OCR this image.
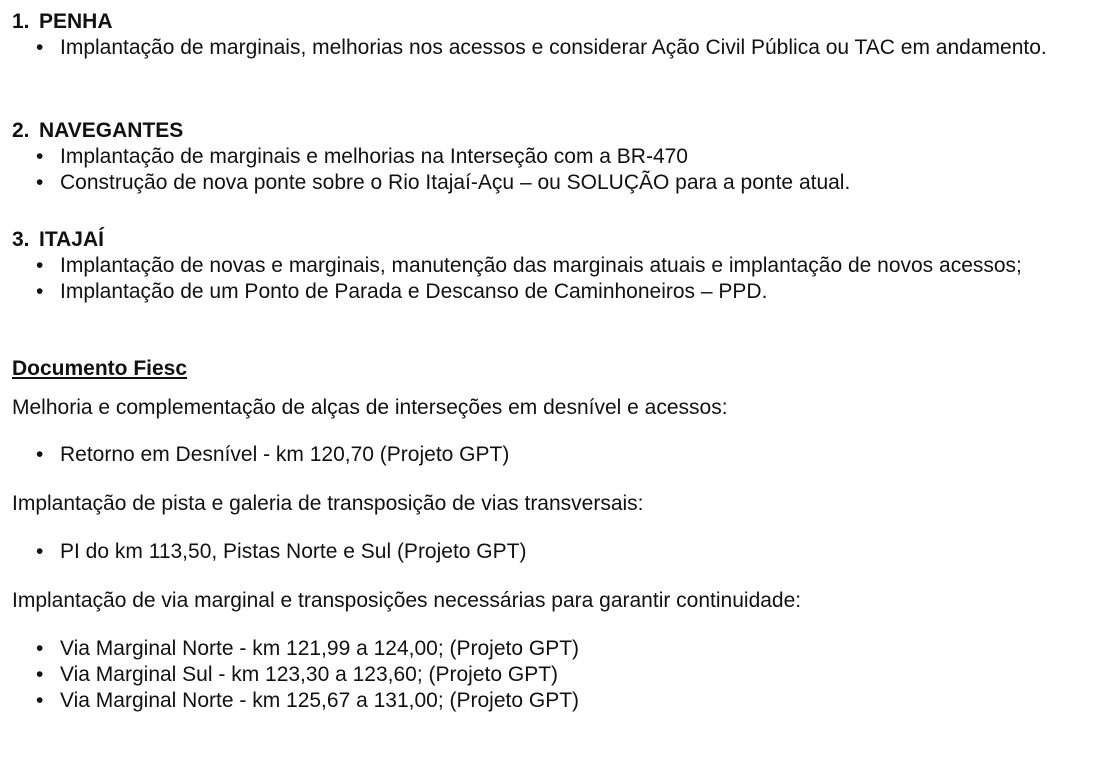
1. PENHA
• Implantação de marginais, melhorias nos acessos e considerar Ação Civil Pública ou TAC em andamento.
2. NAVEGANTES
• Implantação de marginais e melhorias na Interseção com a BR-470
• Construção de nova ponte sobre o Rio Itajaí-Açu – ou SOLUÇÃO para a ponte atual.
3. ITAJAÍ
• Implantação de novas e marginais, manutenção das marginais atuais e implantação de novos acessos;
• Implantação de um Ponto de Parada e Descanso de Caminhoneiros – PPD.
Documento Fiesc
Melhoria e complementação de alças de interseções em desnível e acessos:
• Retorno em Desnível - km 120,70 (Projeto GPT)
Implantação de pista e galeria de transposição de vias transversais:
• PI do km 113,50, Pistas Norte e Sul (Projeto GPT)
Implantação de via marginal e transposições necessárias para garantir continuidade:
• Via Marginal Norte - km 121,99 a 124,00; (Projeto GPT)
• Via Marginal Sul - km 123,30 a 123,60; (Projeto GPT)
• Via Marginal Norte - km 125,67 a 131,00; (Projeto GPT)
